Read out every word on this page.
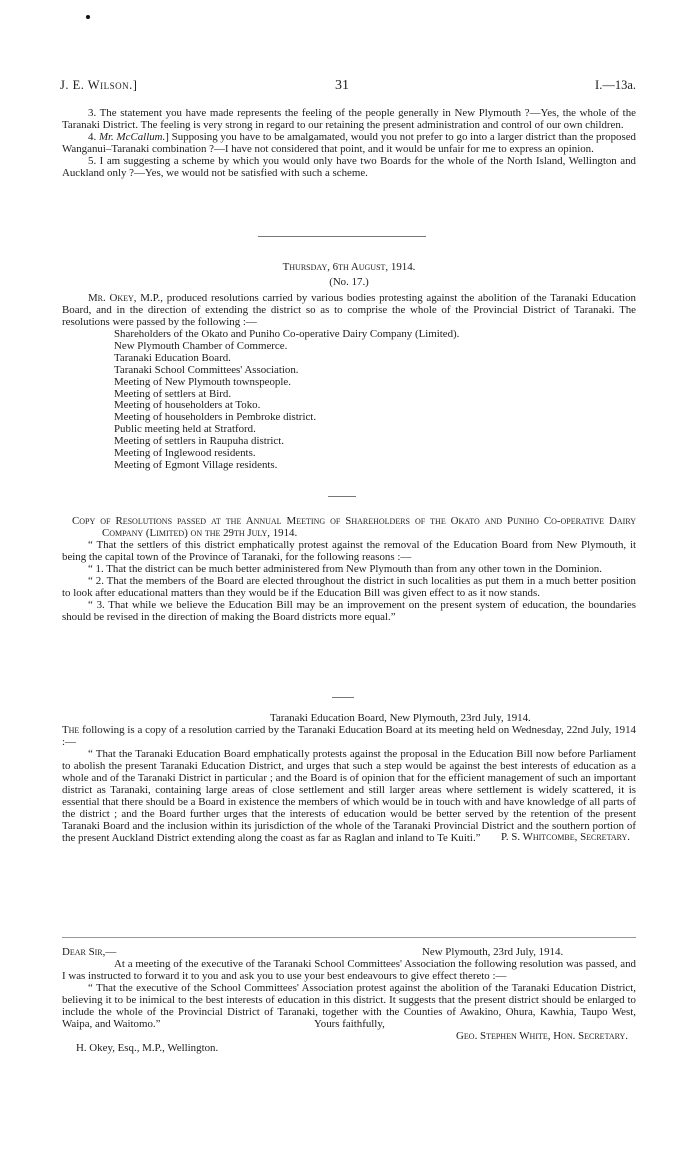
J. E. Wilson.]	31	I.—13a.

3. The statement you have made represents the feeling of the people generally in New Plymouth ?—Yes, the whole of the Taranaki District. The feeling is very strong in regard to our retaining the present administration and control of our own children.

4. Mr. McCallum.] Supposing you have to be amalgamated, would you not prefer to go into a larger district than the proposed Wanganui–Taranaki combination ?—I have not considered that point, and it would be unfair for me to express an opinion.

5. I am suggesting a scheme by which you would only have two Boards for the whole of the North Island, Wellington and Auckland only ?—Yes, we would not be satisfied with such a scheme.

Thursday, 6th August, 1914.

(No. 17.)

Mr. Okey, M.P., produced resolutions carried by various bodies protesting against the abolition of the Taranaki Education Board, and in the direction of extending the district so as to comprise the whole of the Provincial District of Taranaki. The resolutions were passed by the following :—

Shareholders of the Okato and Puniho Co-operative Dairy Company (Limited).
New Plymouth Chamber of Commerce.
Taranaki Education Board.
Taranaki School Committees' Association.
Meeting of New Plymouth townspeople.
Meeting of settlers at Bird.
Meeting of householders at Toko.
Meeting of householders in Pembroke district.
Public meeting held at Stratford.
Meeting of settlers in Raupuha district.
Meeting of Inglewood residents.
Meeting of Egmont Village residents.

Copy of Resolutions passed at the Annual Meeting of Shareholders of the Okato and Puniho Co-operative Dairy Company (Limited) on the 29th July, 1914.

“ That the settlers of this district emphatically protest against the removal of the Education Board from New Plymouth, it being the capital town of the Province of Taranaki, for the following reasons :—

“ 1. That the district can be much better administered from New Plymouth than from any other town in the Dominion.

“ 2. That the members of the Board are elected throughout the district in such localities as put them in a much better position to look after educational matters than they would be if the Education Bill was given effect to as it now stands.

“ 3. That while we believe the Education Bill may be an improvement on the present system of education, the boundaries should be revised in the direction of making the Board districts more equal.”

Taranaki Education Board, New Plymouth, 23rd July, 1914.

The following is a copy of a resolution carried by the Taranaki Education Board at its meeting held on Wednesday, 22nd July, 1914 :—

“ That the Taranaki Education Board emphatically protests against the proposal in the Education Bill now before Parliament to abolish the present Taranaki Education District, and urges that such a step would be against the best interests of education as a whole and of the Taranaki District in particular ; and the Board is of opinion that for the efficient management of such an important district as Taranaki, containing large areas of close settlement and still larger areas where settlement is widely scattered, it is essential that there should be a Board in existence the members of which would be in touch with and have knowledge of all parts of the district ; and the Board further urges that the interests of education would be better served by the retention of the present Taranaki Board and the inclusion within its jurisdiction of the whole of the Taranaki Provincial District and the southern portion of the present Auckland District extending along the coast as far as Raglan and inland to Te Kuiti.”	P. S. Whitcombe, Secretary.

Dear Sir,—	New Plymouth, 23rd July, 1914.

At a meeting of the executive of the Taranaki School Committees' Association the following resolution was passed, and I was instructed to forward it to you and ask you to use your best endeavours to give effect thereto :—

“ That the executive of the School Committees' Association protest against the abolition of the Taranaki Education District, believing it to be inimical to the best interests of education in this district. It suggests that the present district should be enlarged to include the whole of the Provincial District of Taranaki, together with the Counties of Awakino, Ohura, Kawhia, Taupo West, Waipa, and Waitomo.”	Yours faithfully,

Geo. Stephen White, Hon. Secretary.

H. Okey, Esq., M.P., Wellington.
